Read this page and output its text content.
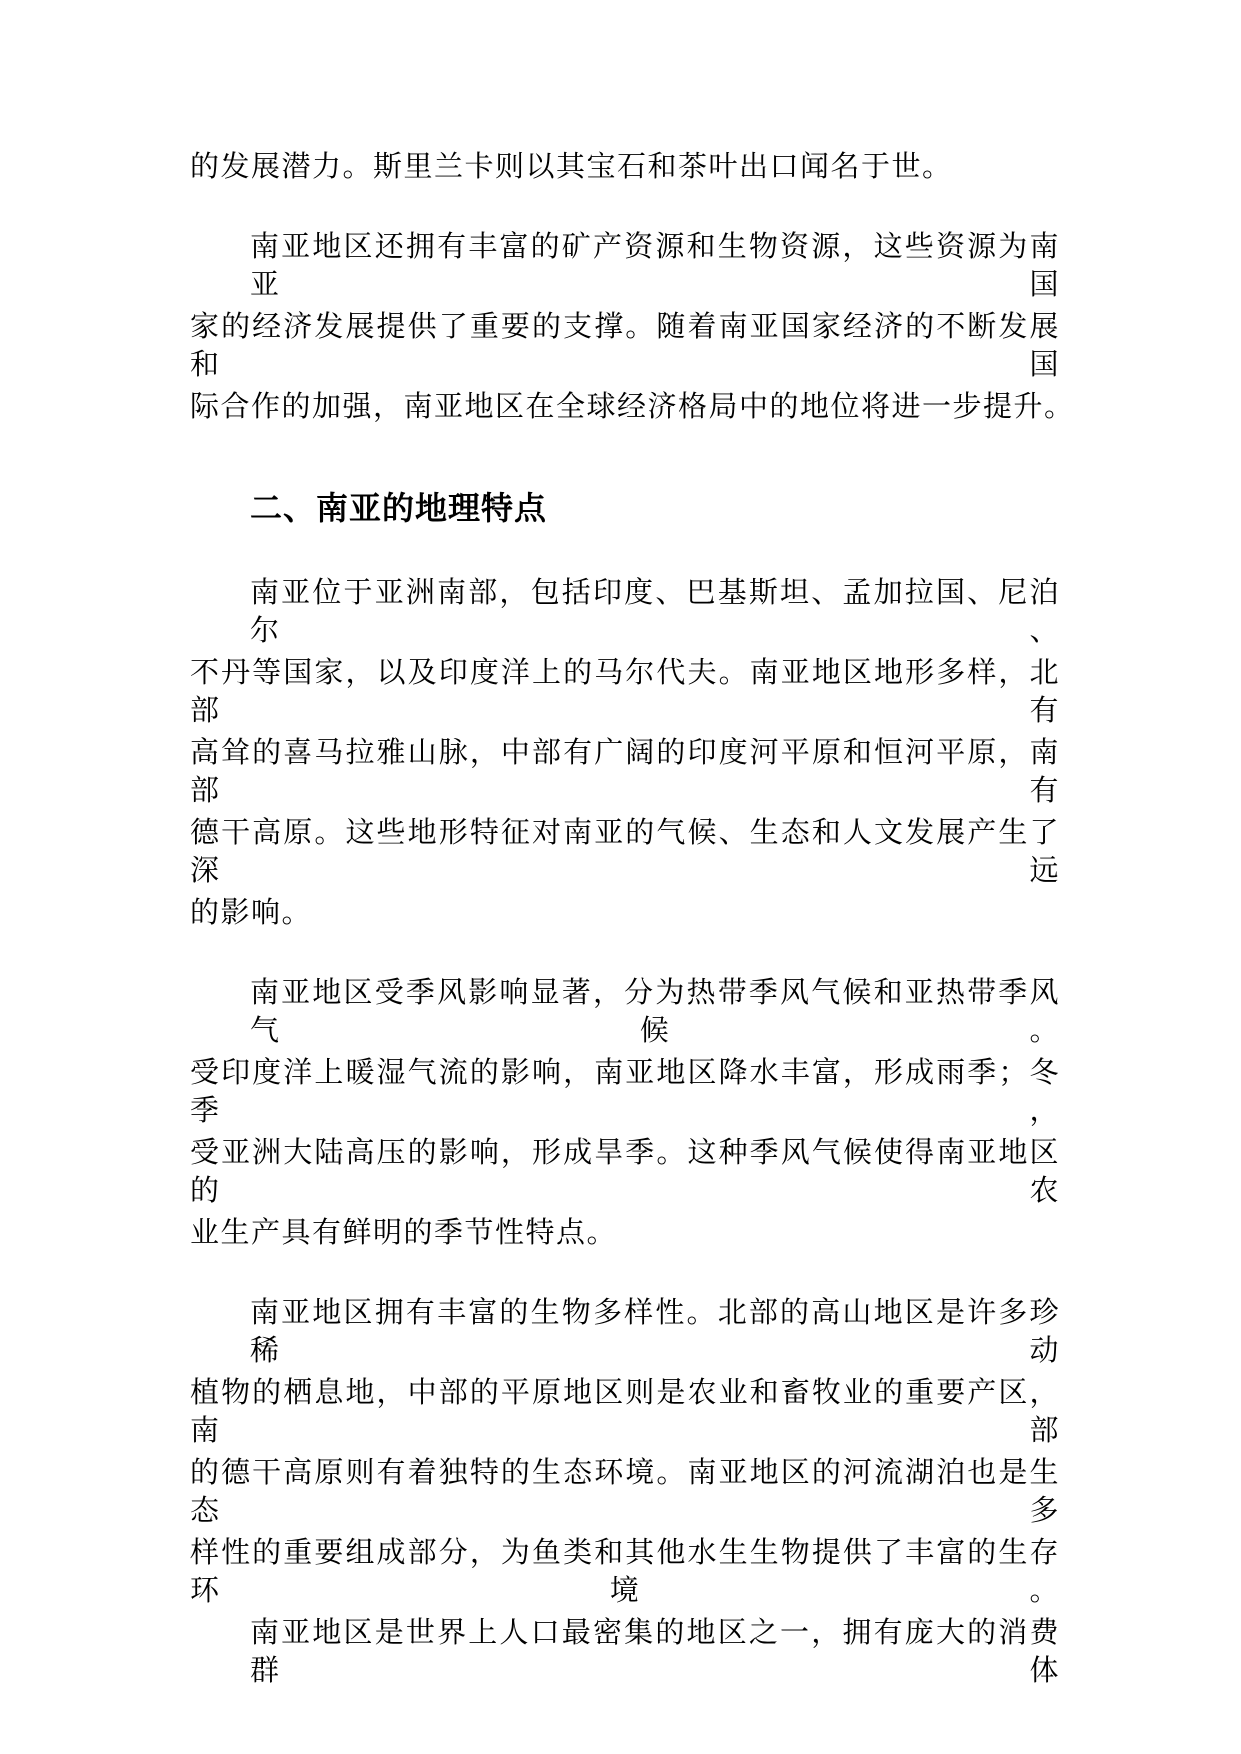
的发展潜力。斯里兰卡则以其宝石和茶叶出口闻名于世。
南亚地区还拥有丰富的矿产资源和生物资源，这些资源为南亚国
家的经济发展提供了重要的支撑。随着南亚国家经济的不断发展和国
际合作的加强，南亚地区在全球经济格局中的地位将进一步提升。
二、南亚的地理特点
南亚位于亚洲南部，包括印度、巴基斯坦、孟加拉国、尼泊尔、
不丹等国家，以及印度洋上的马尔代夫。南亚地区地形多样，北部有
高耸的喜马拉雅山脉，中部有广阔的印度河平原和恒河平原，南部有
德干高原。这些地形特征对南亚的气候、生态和人文发展产生了深远
的影响。
南亚地区受季风影响显著，分为热带季风气候和亚热带季风气候。
受印度洋上暖湿气流的影响，南亚地区降水丰富，形成雨季；冬季，
受亚洲大陆高压的影响，形成旱季。这种季风气候使得南亚地区的农
业生产具有鲜明的季节性特点。
南亚地区拥有丰富的生物多样性。北部的高山地区是许多珍稀动
植物的栖息地，中部的平原地区则是农业和畜牧业的重要产区，南部
的德干高原则有着独特的生态环境。南亚地区的河流湖泊也是生态多
样性的重要组成部分，为鱼类和其他水生生物提供了丰富的生存环境。
南亚地区是世界上人口最密集的地区之一，拥有庞大的消费群体
